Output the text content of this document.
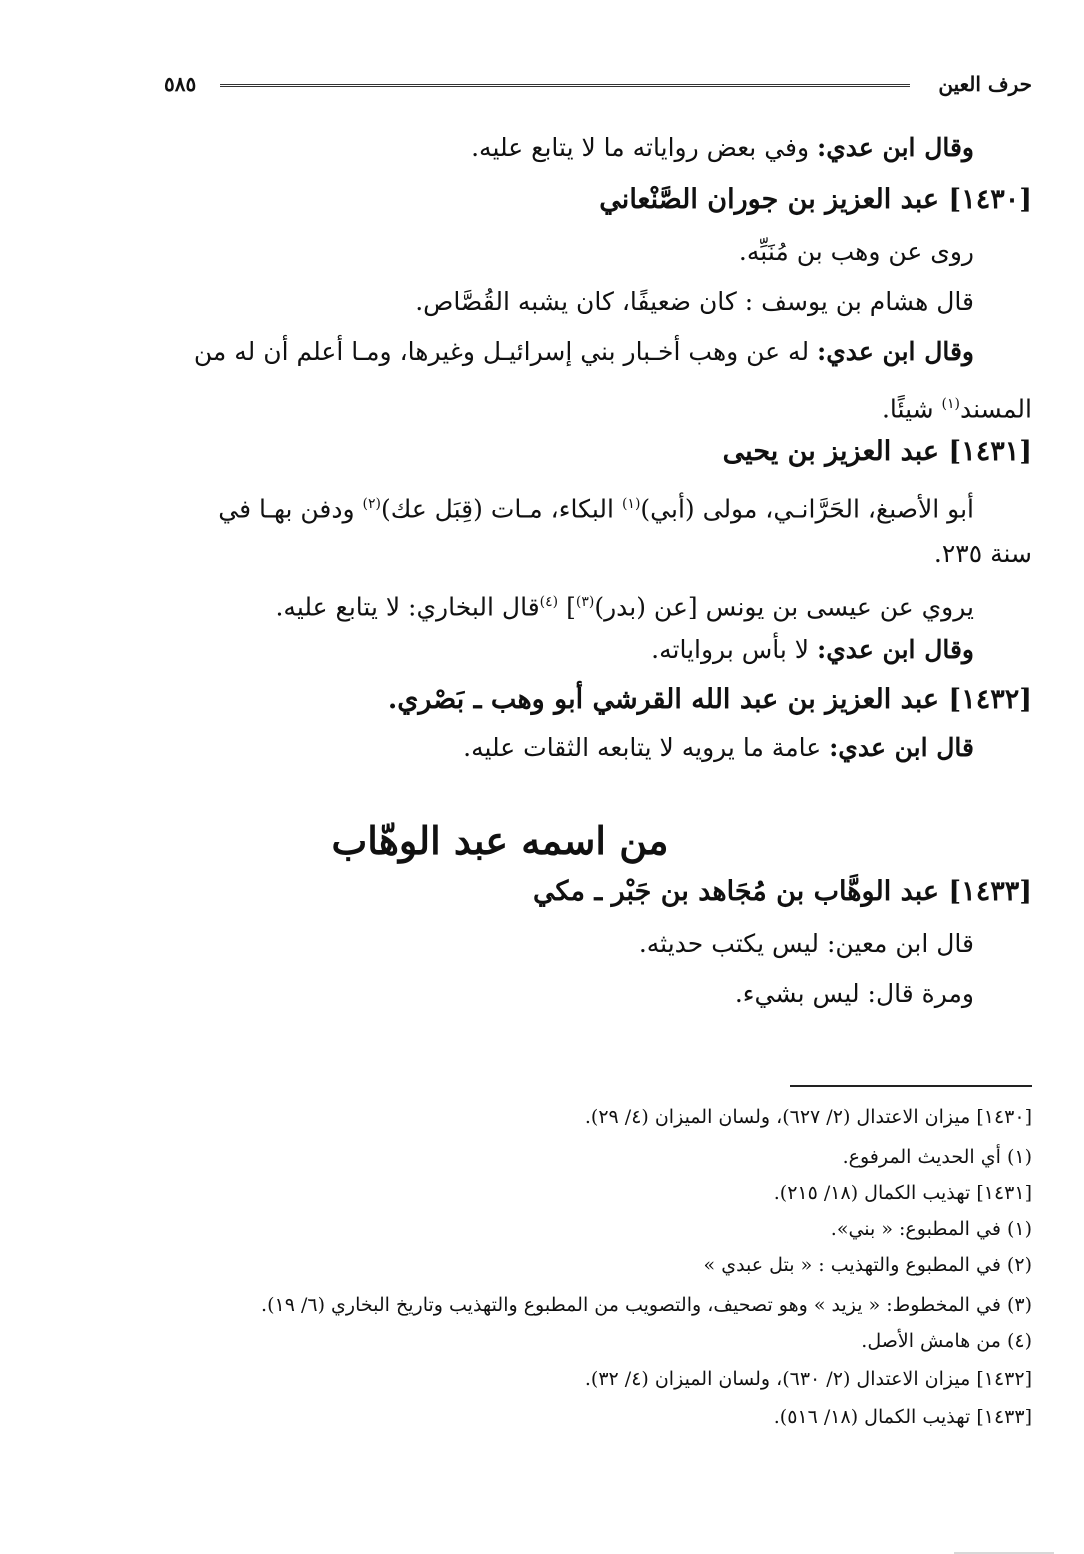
حرف العين
٥٨٥
وقال ابن عدي: وفي بعض رواياته ما لا يتابع عليه.
[١٤٣٠] عبد العزيز بن جوران الصَّنْعاني
روى عن وهب بن مُنَبِّه.
قال هشام بن يوسف : كان ضعيفًا، كان يشبه القُصَّاص.
وقال ابن عدي: له عن وهب أخـبار بني إسرائيـل وغيرها، ومـا أعلم أن له من
المسند$^{(١)}$ شيئًا.
[١٤٣١] عبد العزيز بن يحيى
أبو الأصبغ، الحَرَّانـي، مولى (أبي)$^{(١)}$ البكاء، مـات (قِبَل عك)$^{(٢)}$ ودفن بهـا في
سنة ٢٣٥.
يروي عن عيسى بن يونس [عن (بدر)$^{(٣)}$] $^{(٤)}$قال البخاري: لا يتابع عليه.
وقال ابن عدي: لا بأس برواياته.
[١٤٣٢] عبد العزيز بن عبد الله القرشي أبو وهب ـ بَصْري.
قال ابن عدي: عامة ما يرويه لا يتابعه الثقات عليه.
من اسمه عبد الوهّاب
[١٤٣٣] عبد الوهَّاب بن مُجَاهد بن جَبْر ـ مكي
قال ابن معين: ليس يكتب حديثه.
ومرة قال: ليس بشيء.
[١٤٣٠] ميزان الاعتدال (٢/ ٦٢٧)، ولسان الميزان (٤/ ٢٩).
(١) أي الحديث المرفوع.
[١٤٣١] تهذيب الكمال (١٨/ ٢١٥).
(١) في المطبوع: « بني».
(٢) في المطبوع والتهذيب : « بتل عبدي »
(٣) في المخطوط: « يزيد » وهو تصحيف، والتصويب من المطبوع والتهذيب وتاريخ البخاري (٦/ ١٩).
(٤) من هامش الأصل.
[١٤٣٢] ميزان الاعتدال (٢/ ٦٣٠)، ولسان الميزان (٤/ ٣٢).
[١٤٣٣] تهذيب الكمال (١٨/ ٥١٦).
